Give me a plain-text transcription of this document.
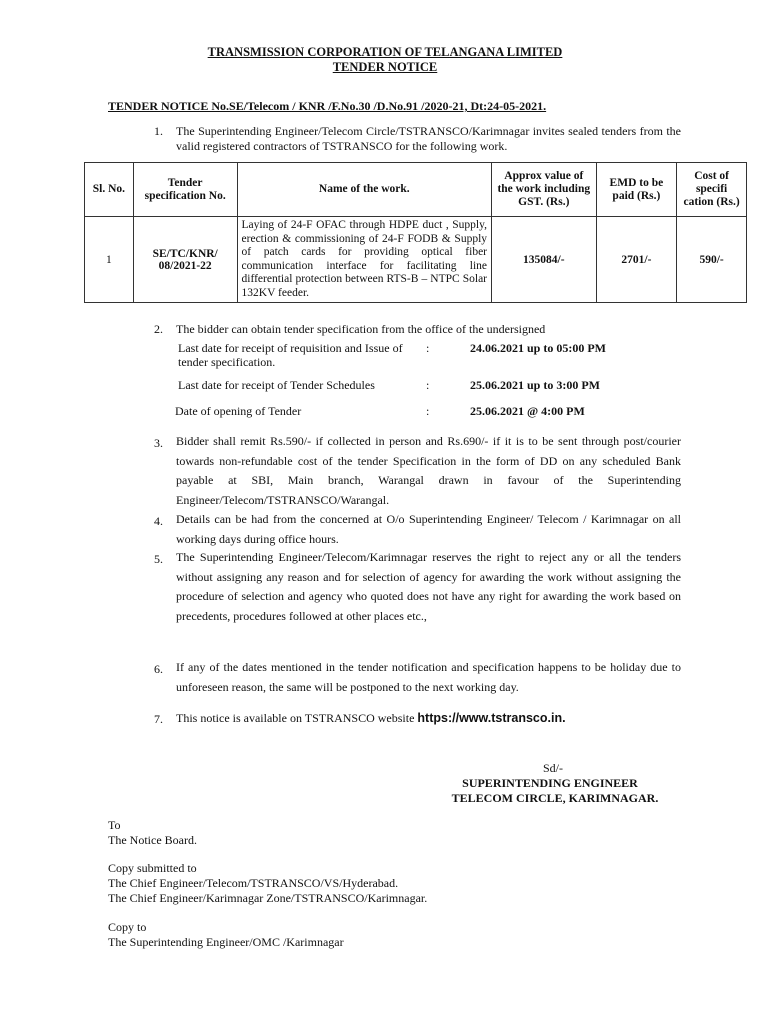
TRANSMISSION CORPORATION OF TELANGANA LIMITED
TENDER NOTICE
TENDER NOTICE No.SE/Telecom / KNR /F.No.30 /D.No.91 /2020-21, Dt:24-05-2021.
1. The Superintending Engineer/Telecom Circle/TSTRANSCO/Karimnagar invites sealed tenders from the valid registered contractors of TSTRANSCO for the following work.
Sl. No.	Tender specification No.	Name of the work.	Approx value of the work including GST. (Rs.)	EMD to be paid (Rs.)	Cost of specifi cation (Rs.)
1	SE/TC/KNR/ 08/2021-22	Laying of 24-F OFAC through HDPE duct , Supply, erection & commissioning of 24-F FODB & Supply of patch cards for providing optical fiber communication interface for facilitating line differential protection between RTS-B – NTPC Solar 132KV feeder.	135084/-	2701/-	590/-
2. The bidder can obtain tender specification from the office of the undersigned
Last date for receipt of requisition and Issue of tender specification.
:	24.06.2021 up to 05:00 PM
Last date for receipt of Tender Schedules	:	25.06.2021 up to 3:00 PM
Date of opening of Tender	:	25.06.2021 @ 4:00 PM
3. Bidder shall remit Rs.590/- if collected in person and Rs.690/- if it is to be sent through post/courier towards non-refundable cost of the tender Specification in the form of DD on any scheduled Bank payable at SBI, Main branch, Warangal drawn in favour of the Superintending Engineer/Telecom/TSTRANSCO/Warangal.
4. Details can be had from the concerned at O/o Superintending Engineer/ Telecom / Karimnagar on all working days during office hours.
5. The Superintending Engineer/Telecom/Karimnagar reserves the right to reject any or all the tenders without assigning any reason and for selection of agency for awarding the work without assigning the procedure of selection and agency who quoted does not have any right for awarding the work based on precedents, procedures followed at other places etc.,
6. If any of the dates mentioned in the tender notification and specification happens to be holiday due to unforeseen reason, the same will be postponed to the next working day.
7. This notice is available on TSTRANSCO website https://www.tstransco.in.
Sd/-
SUPERINTENDING ENGINEER
TELECOM CIRCLE, KARIMNAGAR.
To
The Notice Board.
Copy submitted to
The Chief Engineer/Telecom/TSTRANSCO/VS/Hyderabad.
The Chief Engineer/Karimnagar Zone/TSTRANSCO/Karimnagar.
Copy to
The Superintending Engineer/OMC /Karimnagar
